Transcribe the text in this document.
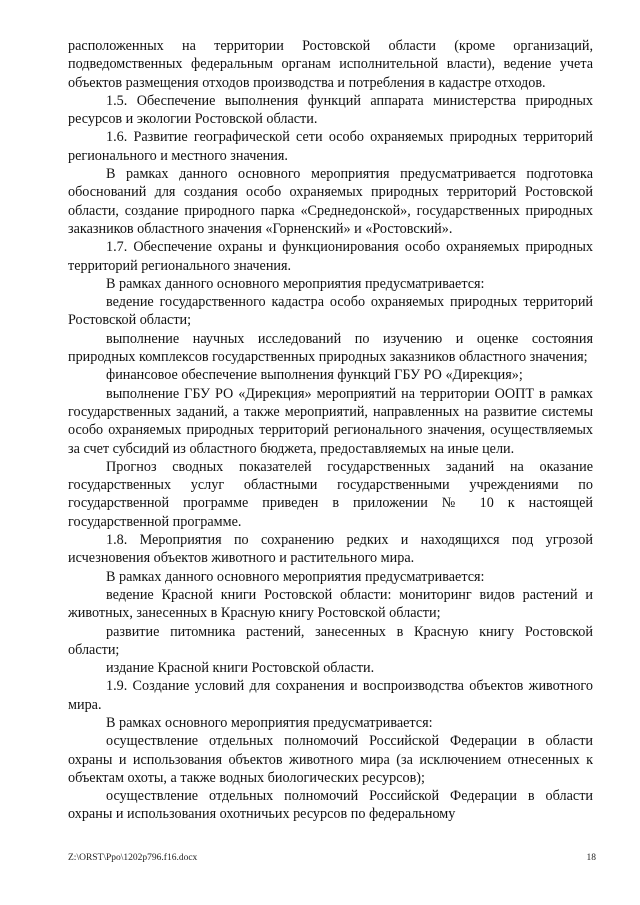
расположенных на территории Ростовской области (кроме организаций, подведомственных федеральным органам исполнительной власти), ведение учета объектов размещения отходов производства и потребления в кадастре отходов.

1.5. Обеспечение выполнения функций аппарата министерства природных ресурсов и экологии Ростовской области.

1.6. Развитие географической сети особо охраняемых природных территорий регионального и местного значения.

В рамках данного основного мероприятия предусматривается подготовка обоснований для создания особо охраняемых природных территорий Ростовской области, создание природного парка «Среднедонской», государственных природных заказников областного значения «Горненский» и «Ростовский».

1.7. Обеспечение охраны и функционирования особо охраняемых природных территорий регионального значения.

В рамках данного основного мероприятия предусматривается:

ведение государственного кадастра особо охраняемых природных территорий Ростовской области;

выполнение научных исследований по изучению и оценке состояния природных комплексов государственных природных заказников областного значения;

финансовое обеспечение выполнения функций ГБУ РО «Дирекция»;

выполнение ГБУ РО «Дирекция» мероприятий на территории ООПТ в рамках государственных заданий, а также мероприятий, направленных на развитие системы особо охраняемых природных территорий регионального значения, осуществляемых за счет субсидий из областного бюджета, предоставляемых на иные цели.

Прогноз сводных показателей государственных заданий на оказание государственных услуг областными государственными учреждениями по государственной программе приведен в приложении № 10 к настоящей государственной программе.

1.8. Мероприятия по сохранению редких и находящихся под угрозой исчезновения объектов животного и растительного мира.

В рамках данного основного мероприятия предусматривается:

ведение Красной книги Ростовской области: мониторинг видов растений и животных, занесенных в Красную книгу Ростовской области;

развитие питомника растений, занесенных в Красную книгу Ростовской области;

издание Красной книги Ростовской области.

1.9. Создание условий для сохранения и воспроизводства объектов животного мира.

В рамках основного мероприятия предусматривается:

осуществление отдельных полномочий Российской Федерации в области охраны и использования объектов животного мира (за исключением отнесенных к объектам охоты, а также водных биологических ресурсов);

осуществление отдельных полномочий Российской Федерации в области охраны и использования охотничьих ресурсов по федеральному

Z:\ORST\Ppo\1202p796.f16.docx	18
